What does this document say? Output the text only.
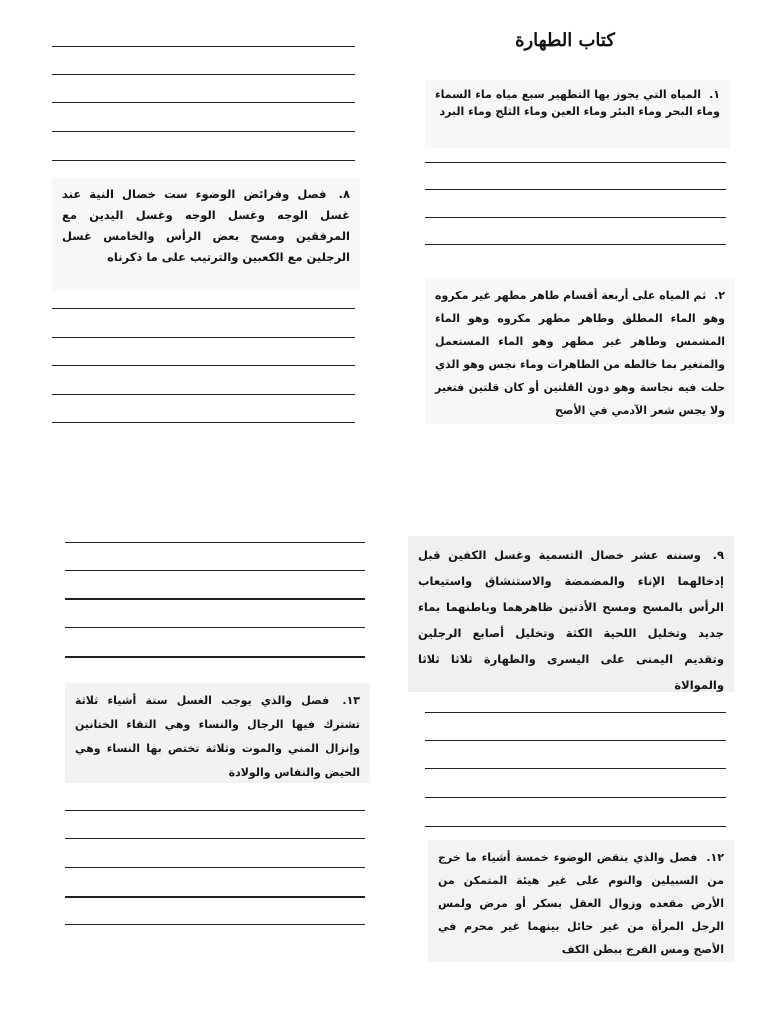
كتاب الطهارة
١. المياه التي يجوز بها التطهير سبع مياه ماء السماء وماء البحر وماء البئر وماء العين وماء الثلج وماء البرد
٨. فصل وفرائض الوضوء ست خصال النية عند غسل الوجه وغسل الوجه وغسل اليدين مع المرفقين ومسح بعض الرأس والخامس غسل الرجلين مع الكعبين والترتيب على ما ذكرناه
٢. ثم المياه على أربعة أقسام طاهر مطهر غير مكروه وهو الماء المطلق وطاهر مطهر مكروه وهو الماء المشمس وطاهر غير مطهر وهو الماء المستعمل والمتغير بما خالطه من الطاهرات وماء نجس وهو الذي حلت فيه نجاسة وهو دون القلتين أو كان قلتين فتغير ولا يجس شعر الآدمي في الأصح
٩. وسننه عشر خصال التسمية وغسل الكفين قبل إدخالهما الإناء والمضمضة والاستنشاق واستيعاب الرأس بالمسح ومسح الأذنين ظاهرهما وباطنهما بماء جديد وتخليل اللحية الكثة وتخليل أصابع الرجلين وتقديم اليمنى على اليسرى والطهارة ثلاثا ثلاثا والموالاة
١٣. فصل والذي يوجب الغسل ستة أشياء ثلاثة تشترك فيها الرجال والنساء وهي التقاء الختانين وإنزال المني والموت وثلاثة تختص بها النساء وهي الحيض والنفاس والولادة
١٢. فصل والذي ينقض الوضوء خمسة أشياء ما خرج من السبيلين والنوم على غير هيئة المتمكن من الأرض مقعده وزوال العقل بسكر أو مرض ولمس الرجل المرأة من غير حائل بينهما غير محرم في الأصح ومس الفرج ببطن الكف
